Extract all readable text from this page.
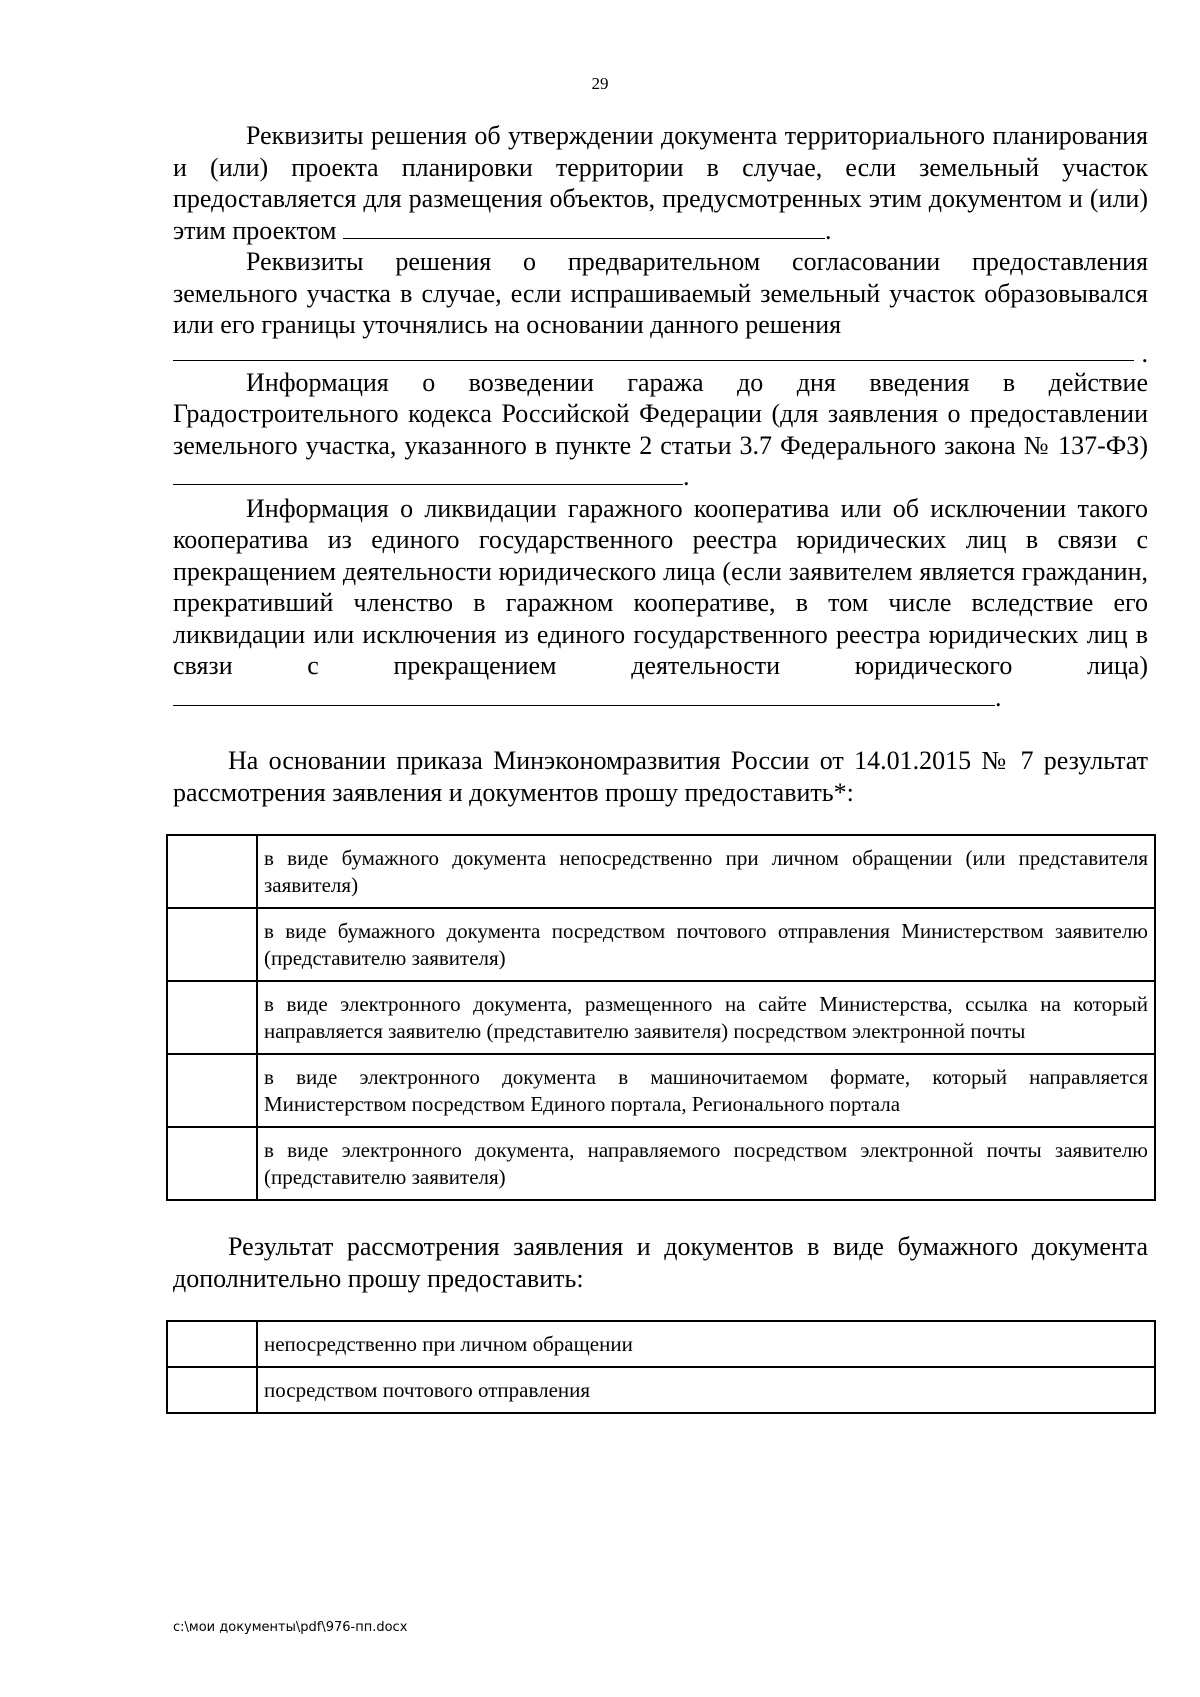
29

Реквизиты решения об утверждении документа территориального планирования и (или) проекта планировки территории в случае, если земельный участок предоставляется для размещения объектов, предусмотренных этим документом и (или) этим проектом	.

Реквизиты решения о предварительном согласовании предоставления земельного участка в случае, если испрашиваемый земельный участок образовывался или его границы уточнялись на основании данного решения

.

Информация о возведении гаража до дня введения в действие Градостроительного кодекса Российской Федерации (для заявления о предоставлении земельного участка, указанного в пункте 2 статьи 3.7 Федерального закона № 137-ФЗ).

Информация о ликвидации гаражного кооператива или об исключении такого кооператива из единого государственного реестра юридических лиц в связи с прекращением деятельности юридического лица (если заявителем является гражданин, прекративший членство в гаражном кооперативе, в том числе вследствие его ликвидации или исключения из единого государственного реестра юридических лиц в связи с прекращением деятельности юридического лица).

На основании приказа Минэкономразвития России от 14.01.2015 № 7 результат рассмотрения заявления и документов прошу предоставить*:

	в виде бумажного документа непосредственно при личном обращении (или представителя заявителя)
	в виде бумажного документа посредством почтового отправления Министерством заявителю (представителю заявителя)
	в виде электронного документа, размещенного на сайте Министерства, ссылка на который направляется заявителю (представителю заявителя) посредством электронной почты
	в виде электронного документа в машиночитаемом формате, который направляется Министерством посредством Единого портала, Регионального портала
	в виде электронного документа, направляемого посредством электронной почты заявителю (представителю заявителя)

Результат рассмотрения заявления и документов в виде бумажного документа дополнительно прошу предоставить:

	непосредственно при личном обращении
	посредством почтового отправления
c:\мои документы\pdf\976-пп.docx
